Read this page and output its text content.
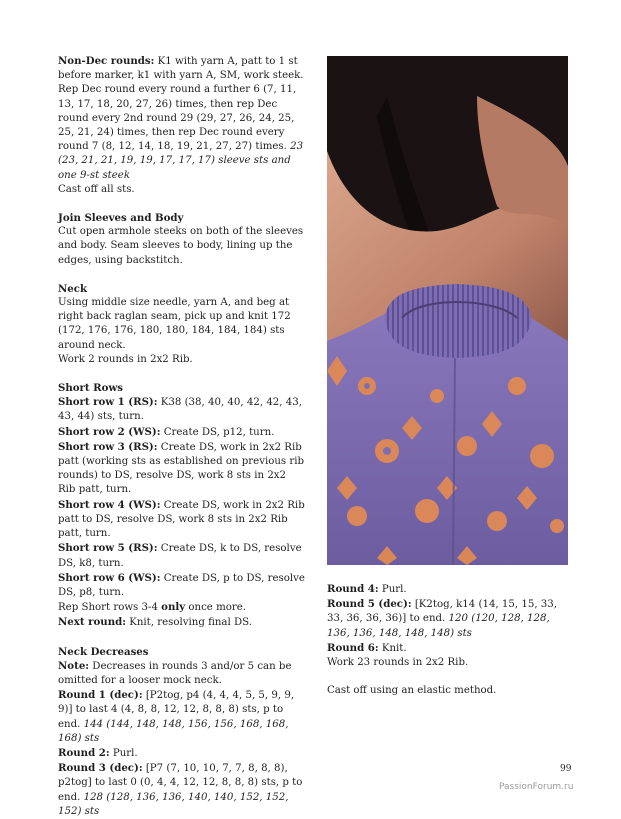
Non-Dec rounds: K1 with yarn A, patt to 1 st before marker, k1 with yarn A, SM, work steek.

Rep Dec round every round a further 6 (7, 11, 13, 17, 18, 20, 27, 26) times, then rep Dec round every 2nd round 29 (29, 27, 26, 24, 25, 25, 21, 24) times, then rep Dec round every round 7 (8, 12, 14, 18, 19, 21, 27, 27) times. 23 (23, 21, 21, 19, 19, 17, 17, 17) sleeve sts and one 9-st steek

Cast off all sts.

Join Sleeves and Body

Cut open armhole steeks on both of the sleeves and body. Seam sleeves to body, lining up the edges, using backstitch.

Neck

Using middle size needle, yarn A, and beg at right back raglan seam, pick up and knit 172 (172, 176, 176, 180, 180, 184, 184, 184) sts around neck.

Work 2 rounds in 2x2 Rib.

Short Rows

Short row 1 (RS): K38 (38, 40, 40, 42, 42, 43, 43, 44) sts, turn.

Short row 2 (WS): Create DS, p12, turn.

Short row 3 (RS): Create DS, work in 2x2 Rib patt (working sts as established on previous rib rounds) to DS, resolve DS, work 8 sts in 2x2 Rib patt, turn.

Short row 4 (WS): Create DS, work in 2x2 Rib patt to DS, resolve DS, work 8 sts in 2x2 Rib patt, turn.

Short row 5 (RS): Create DS, k to DS, resolve DS, k8, turn.

Short row 6 (WS): Create DS, p to DS, resolve DS, p8, turn.

Rep Short rows 3-4 only once more.

Next round: Knit, resolving final DS.

Neck Decreases

Note: Decreases in rounds 3 and/or 5 can be omitted for a looser mock neck.

Round 1 (dec): [P2tog, p4 (4, 4, 4, 5, 5, 9, 9, 9)] to last 4 (4, 8, 8, 12, 12, 8, 8, 8) sts, p to end. 144 (144, 148, 148, 156, 156, 168, 168, 168) sts

Round 2: Purl.

Round 3 (dec): [P7 (7, 10, 10, 7, 7, 8, 8, 8), p2tog] to last 0 (0, 4, 4, 12, 12, 8, 8, 8) sts, p to end. 128 (128, 136, 136, 140, 140, 152, 152, 152) sts

Round 4: Purl.

Round 5 (dec): [K2tog, k14 (14, 15, 15, 33, 33, 36, 36, 36)] to end. 120 (120, 128, 128, 136, 136, 148, 148, 148) sts

Round 6: Knit.

Work 23 rounds in 2x2 Rib.

Cast off using an elastic method.

99
PassionForum.ru
